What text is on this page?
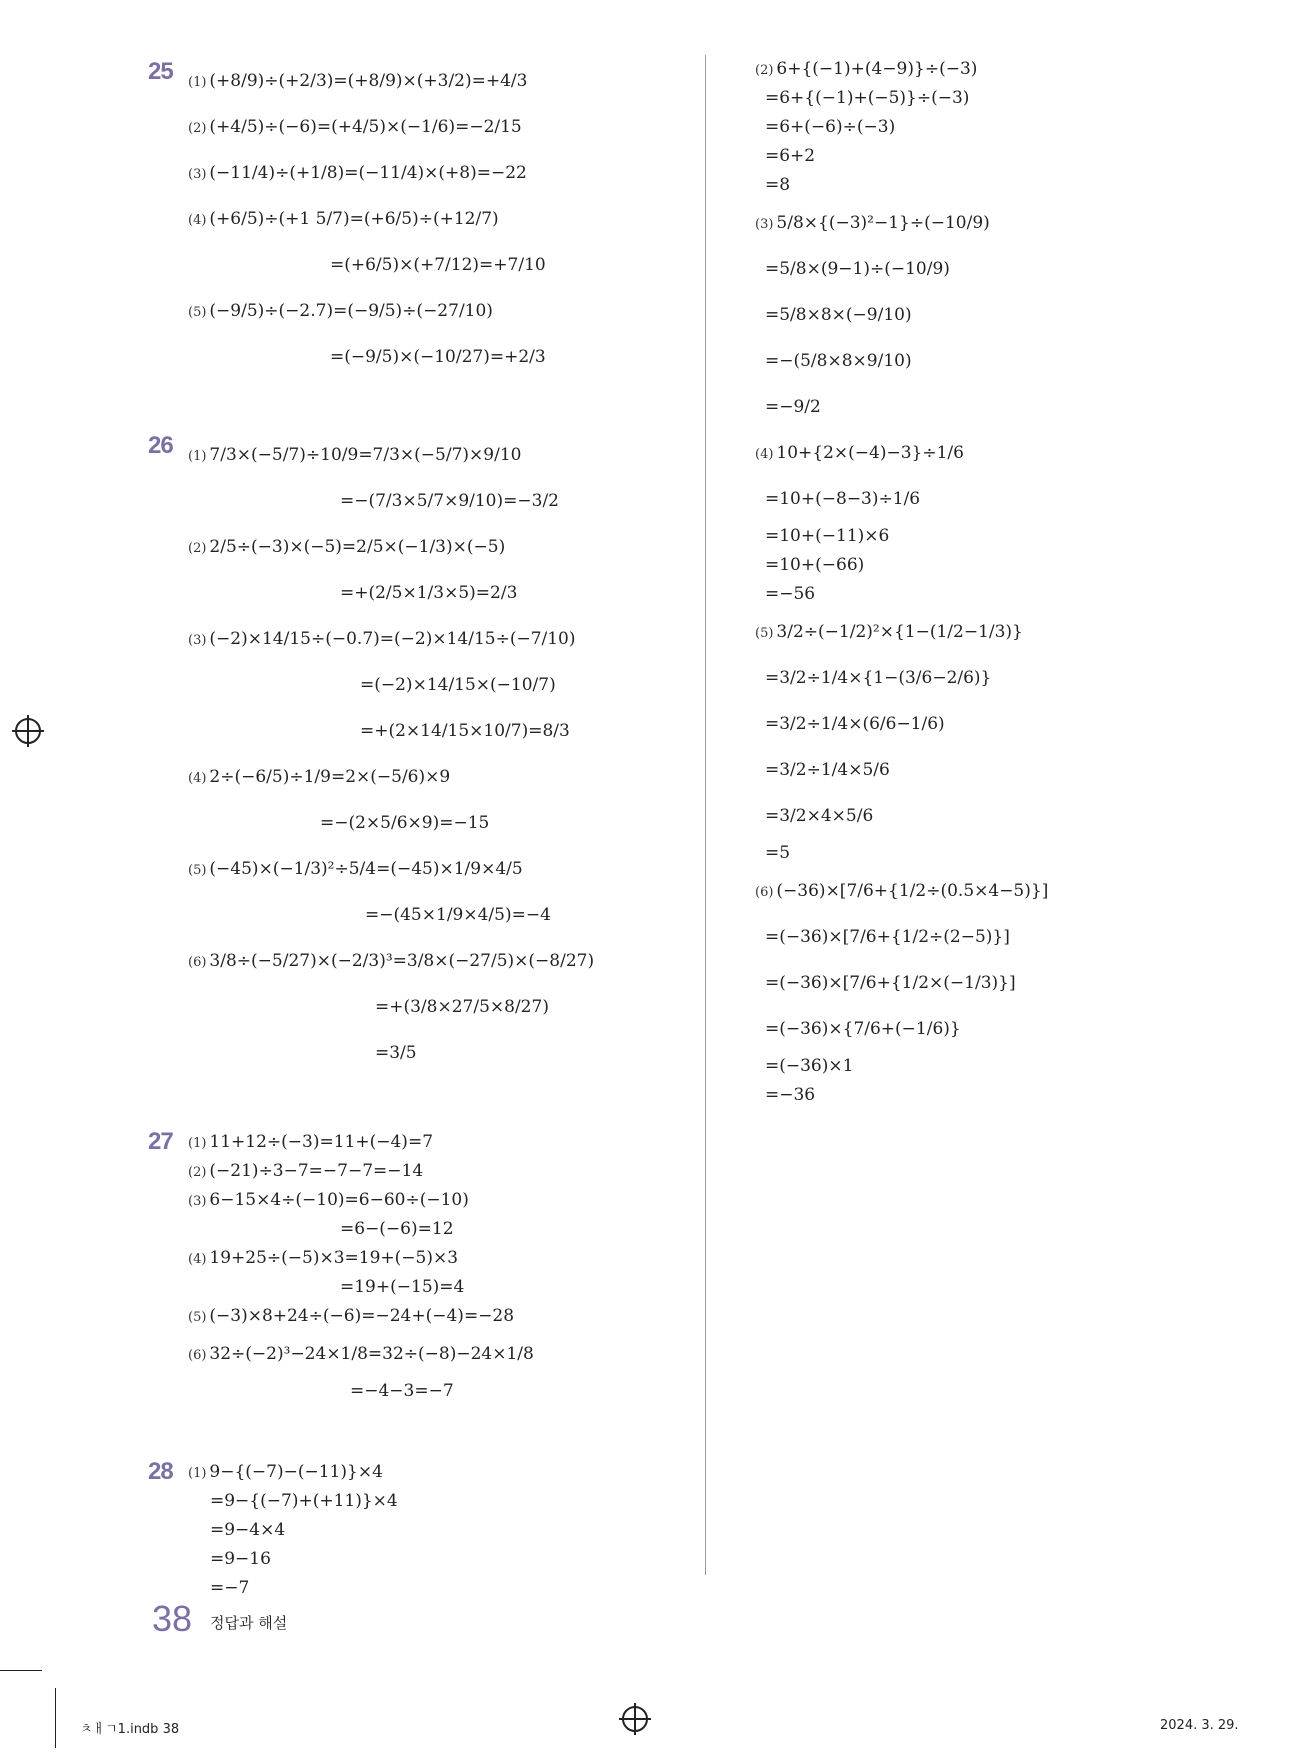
25	(1) (+8/9)÷(+2/3)=(+8/9)×(+3/2)=+4/3
(2) (+4/5)÷(−6)=(+4/5)×(−1/6)=−2/15
(3) (−11/4)÷(+1/8)=(−11/4)×(+8)=−22
(4) (+6/5)÷(+1 5/7)=(+6/5)÷(+12/7)
=(+6/5)×(+7/12)=+7/10
(5) (−9/5)÷(−2.7)=(−9/5)÷(−27/10)
=(−9/5)×(−10/27)=+2/3
26	(1) 7/3×(−5/7)÷10/9=7/3×(−5/7)×9/10
=−(7/3×5/7×9/10)=−3/2
(2) 2/5÷(−3)×(−5)=2/5×(−1/3)×(−5)
=+(2/5×1/3×5)=2/3
(3) (−2)×14/15÷(−0.7)=(−2)×14/15÷(−7/10)
=(−2)×14/15×(−10/7)
=+(2×14/15×10/7)=8/3
(4) 2÷(−6/5)÷1/9=2×(−5/6)×9
=−(2×5/6×9)=−15
(5) (−45)×(−1/3)²÷5/4=(−45)×1/9×4/5
=−(45×1/9×4/5)=−4
(6) 3/8÷(−5/27)×(−2/3)³=3/8×(−27/5)×(−8/27)
=+(3/8×27/5×8/27)
=3/5
27	(1) 11+12÷(−3)=11+(−4)=7
(2) (−21)÷3−7=−7−7=−14
(3) 6−15×4÷(−10)=6−60÷(−10)
=6−(−6)=12
(4) 19+25÷(−5)×3=19+(−5)×3
=19+(−15)=4
(5) (−3)×8+24÷(−6)=−24+(−4)=−28
(6) 32÷(−2)³−24×1/8=32÷(−8)−24×1/8
=−4−3=−7
28	(1) 9−{(−7)−(−11)}×4
=9−{(−7)+(+11)}×4
=9−4×4
=9−16
=−7
(2) 6+{(−1)+(4−9)}÷(−3)
=6+{(−1)+(−5)}÷(−3)
=6+(−6)÷(−3)
=6+2
=8
(3) 5/8×{(−3)²−1}÷(−10/9)
=5/8×(9−1)÷(−10/9)
=5/8×8×(−9/10)
=−(5/8×8×9/10)
=−9/2
(4) 10+{2×(−4)−3}÷1/6
=10+(−8−3)÷1/6
=10+(−11)×6
=10+(−66)
=−56
(5) 3/2÷(−1/2)²×{1−(1/2−1/3)}
=3/2÷1/4×{1−(3/6−2/6)}
=3/2÷1/4×(6/6−1/6)
=3/2÷1/4×5/6
=3/2×4×5/6
=5
(6) (−36)×[7/6+{1/2÷(0.5×4−5)}]
=(−36)×[7/6+{1/2÷(2−5)}]
=(−36)×[7/6+{1/2×(−1/3)}]
=(−36)×{7/6+(−1/6)}
=(−36)×1
=−36
38 정답과 해설
ㅊㅐㄱ1.indb 38	2024. 3. 29.
